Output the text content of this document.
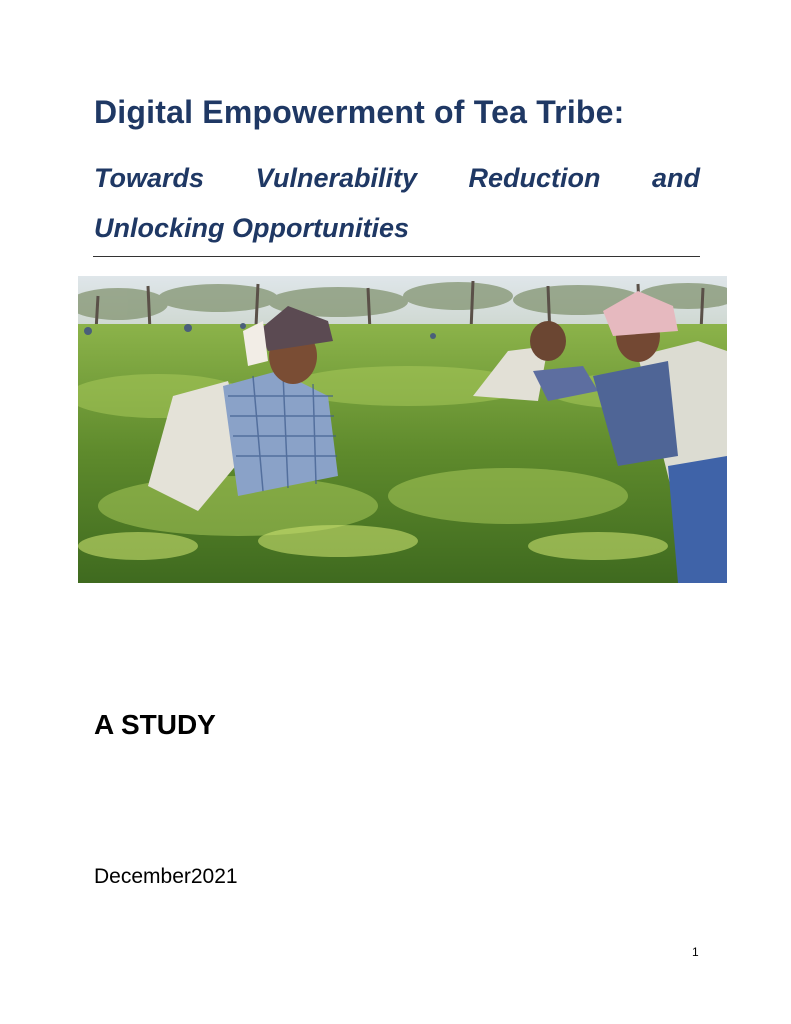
Digital Empowerment of Tea Tribe:
Towards Vulnerability Reduction and
Unlocking Opportunities
A STUDY
December2021
1
